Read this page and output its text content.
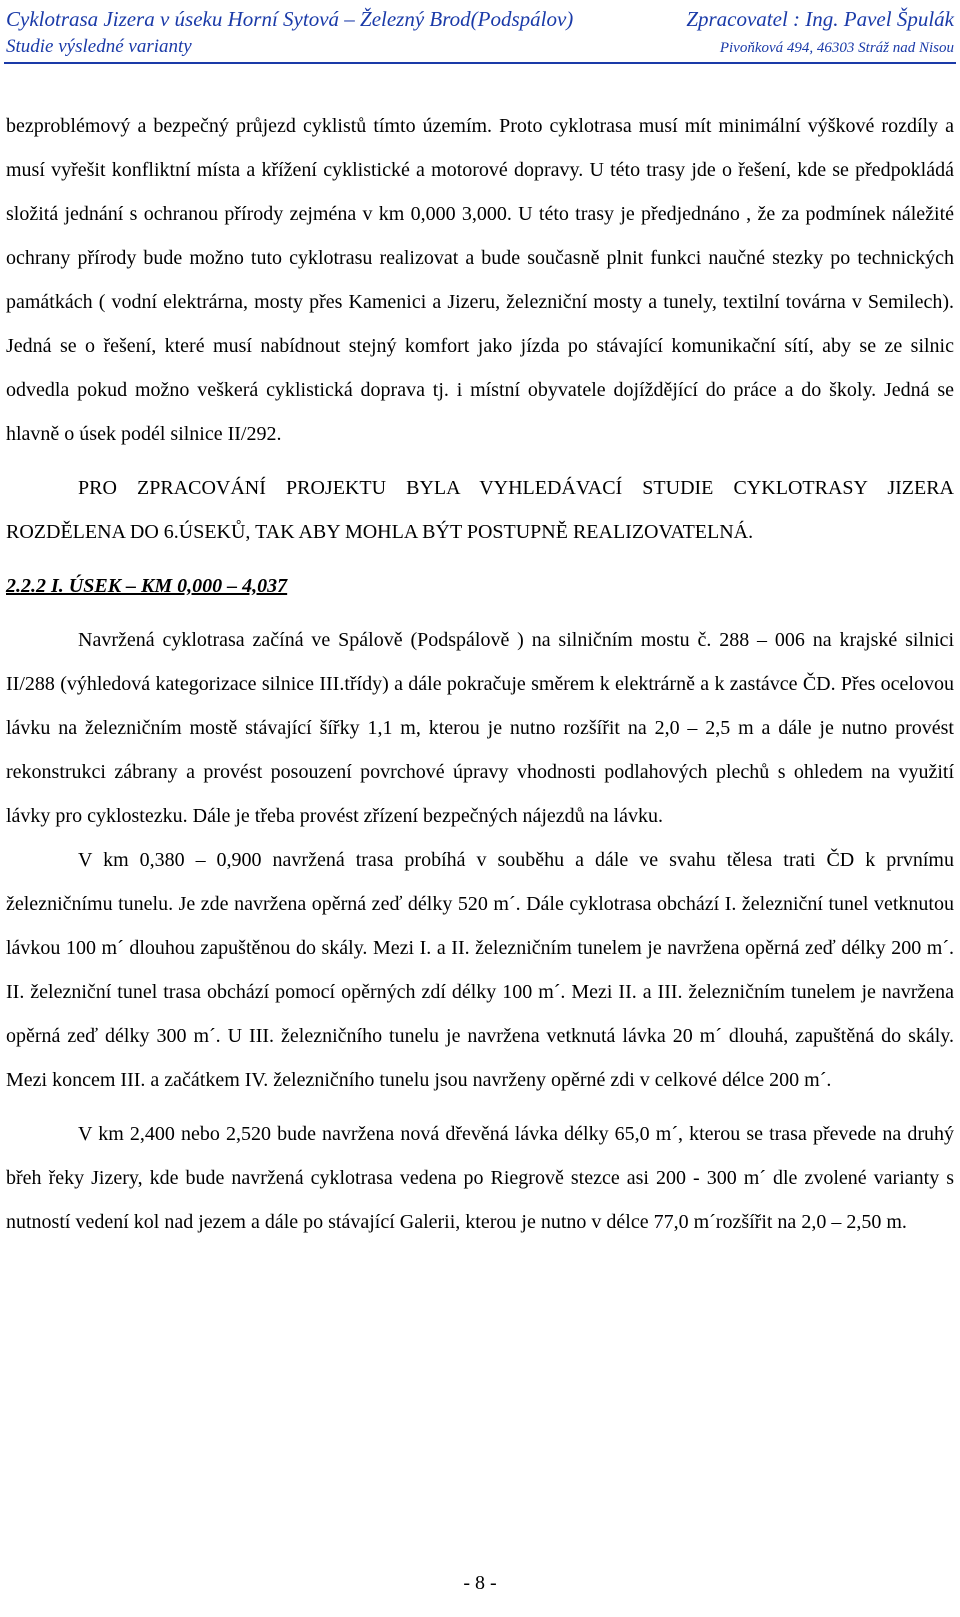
Cyklotrasa Jizera v úseku Horní Sytová – Železný Brod(Podspálov)	Zpracovatel : Ing. Pavel Špulák
Studie výsledné varianty	Pivoňková 494, 46303 Stráž nad Nisou

bezproblémový a bezpečný průjezd cyklistů tímto územím. Proto cyklotrasa musí mít minimální výškové rozdíly a musí vyřešit konfliktní místa a křížení cyklistické a motorové dopravy. U této trasy jde o řešení, kde se předpokládá složitá jednání s ochranou přírody zejména v km 0,000 3,000. U této trasy je předjednáno , že za podmínek náležité ochrany přírody bude možno tuto cyklotrasu realizovat a bude současně plnit funkci naučné stezky po technických památkách ( vodní elektrárna, mosty přes Kamenici a Jizeru, železniční mosty a tunely, textilní továrna v Semilech). Jedná se o řešení, které musí nabídnout stejný komfort jako jízda po stávající komunikační sítí, aby se ze silnic odvedla pokud možno veškerá cyklistická doprava tj. i místní obyvatele dojíždějící do práce a do školy. Jedná se hlavně o úsek podél silnice II/292.

PRO ZPRACOVÁNÍ PROJEKTU BYLA VYHLEDÁVACÍ STUDIE CYKLOTRASY JIZERA ROZDĚLENA DO 6.ÚSEKŮ, TAK ABY MOHLA BÝT POSTUPNĚ REALIZOVATELNÁ.

2.2.2 I. ÚSEK – KM 0,000 – 4,037

Navržená cyklotrasa začíná ve Spálově (Podspálově ) na silničním mostu č. 288 – 006 na krajské silnici II/288 (výhledová kategorizace silnice III.třídy) a dále pokračuje směrem k elektrárně a k zastávce ČD. Přes ocelovou lávku na železničním mostě stávající šířky 1,1 m, kterou je nutno rozšířit na 2,0 – 2,5 m a dále je nutno provést rekonstrukci zábrany a provést posouzení povrchové úpravy vhodnosti podlahových plechů s ohledem na využití lávky pro cyklostezku. Dále je třeba provést zřízení bezpečných nájezdů na lávku.

V km 0,380 – 0,900 navržená trasa probíhá v souběhu a dále ve svahu tělesa trati ČD k prvnímu železničnímu tunelu. Je zde navržena opěrná zeď délky 520 m´. Dále cyklotrasa obchází I. železniční tunel vetknutou lávkou 100 m´ dlouhou zapuštěnou do skály. Mezi I. a II. železničním tunelem je navržena opěrná zeď délky 200 m´. II. železniční tunel trasa obchází pomocí opěrných zdí délky 100 m´. Mezi II. a III. železničním tunelem je navržena opěrná zeď délky 300 m´. U III. železničního tunelu je navržena vetknutá lávka 20 m´ dlouhá, zapuštěná do skály. Mezi koncem III. a začátkem IV. železničního tunelu jsou navrženy opěrné zdi v celkové délce 200 m´.

V km 2,400 nebo 2,520 bude navržena nová dřevěná lávka délky 65,0 m´, kterou se trasa převede na druhý břeh řeky Jizery, kde bude navržená cyklotrasa vedena po Riegrově stezce asi 200 - 300 m´ dle zvolené varianty s nutností vedení kol nad jezem a dále po stávající Galerii, kterou je nutno v délce 77,0 m´rozšířit na 2,0 – 2,50 m.

- 8 -
